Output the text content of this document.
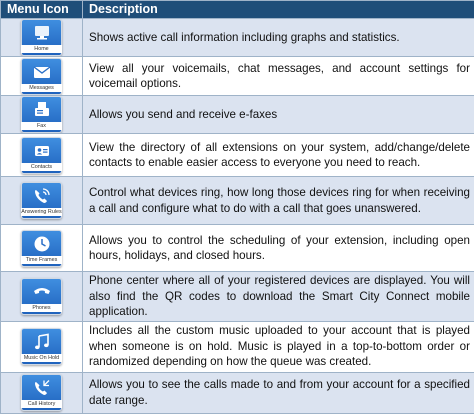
Menu Icon	Description

Home	Shows active call information including graphs and statistics.

Messages	View all your voicemails, chat messages, and account settings for voicemail options.

Fax	Allows you send and receive e-faxes

Contacts	View the directory of all extensions on your system, add/change/delete contacts to enable easier access to everyone you need to reach.

Answering Rules	Control what devices ring, how long those devices ring for when receiving a call and configure what to do with a call that goes unanswered.

Time Frames	Allows you to control the scheduling of your extension, including open hours, holidays, and closed hours.

Phones	Phone center where all of your registered devices are displayed. You will also find the QR codes to download the Smart City Connect mobile application.

Music On Hold	Includes all the custom music uploaded to your account that is played when someone is on hold. Music is played in a top-to-bottom order or randomized depending on how the queue was created.

Call History	Allows you to see the calls made to and from your account for a specified date range.
